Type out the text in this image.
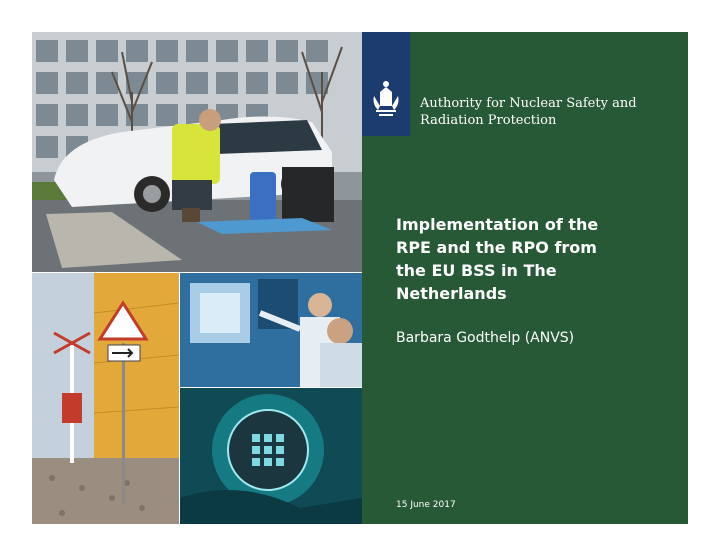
Authority for Nuclear Safety and
Radiation Protection
Implementation of the
RPE and the RPO from
the EU BSS in The
Netherlands
Barbara Godthelp (ANVS)
15 June 2017
